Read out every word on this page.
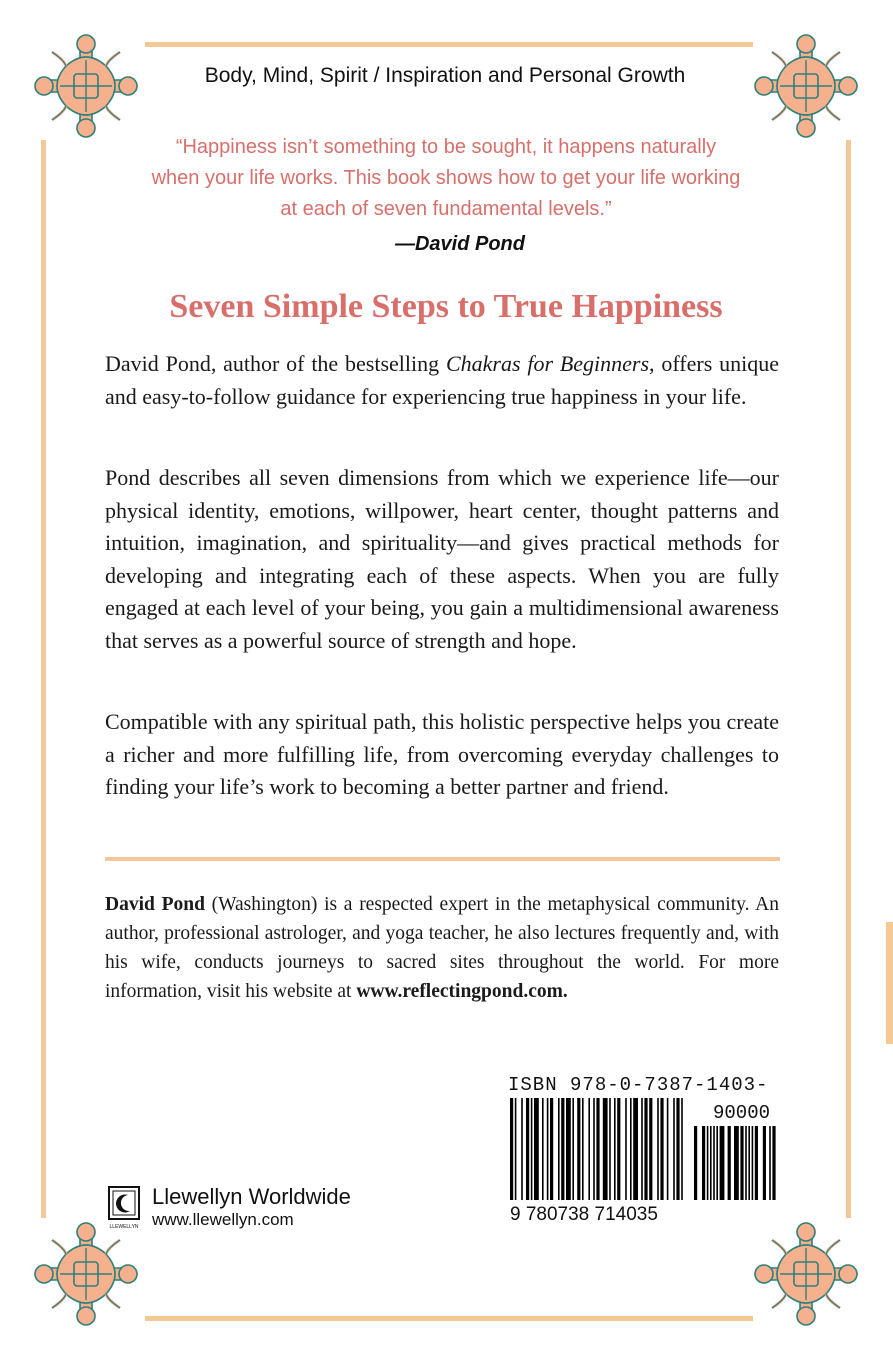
Body, Mind, Spirit / Inspiration and Personal Growth
“Happiness isn’t something to be sought, it happens naturally
when your life works. This book shows how to get your life working
at each of seven fundamental levels.”
—David Pond
Seven Simple Steps to True Happiness

David Pond, author of the bestselling Chakras for Beginners, offers unique and easy-to-follow guidance for experiencing true happiness in your life.

Pond describes all seven dimensions from which we experience life—our physical identity, emotions, willpower, heart center, thought patterns and intuition, imagination, and spirituality—and gives practical methods for developing and integrating each of these aspects. When you are fully engaged at each level of your being, you gain a multidimensional awareness that serves as a powerful source of strength and hope.

Compatible with any spiritual path, this holistic perspective helps you create a richer and more fulfilling life, from overcoming everyday challenges to finding your life’s work to becoming a better partner and friend.

David Pond (Washington) is a respected expert in the metaphysical community. An author, professional astrologer, and yoga teacher, he also lectures frequently and, with his wife, conducts journeys to sacred sites throughout the world. For more information, visit his website at www.reflectingpond.com.

ISBN 978-0-7387-1403-
90000
9 780738 714035
LLEWELLYN
Llewellyn Worldwide
www.llewellyn.com
